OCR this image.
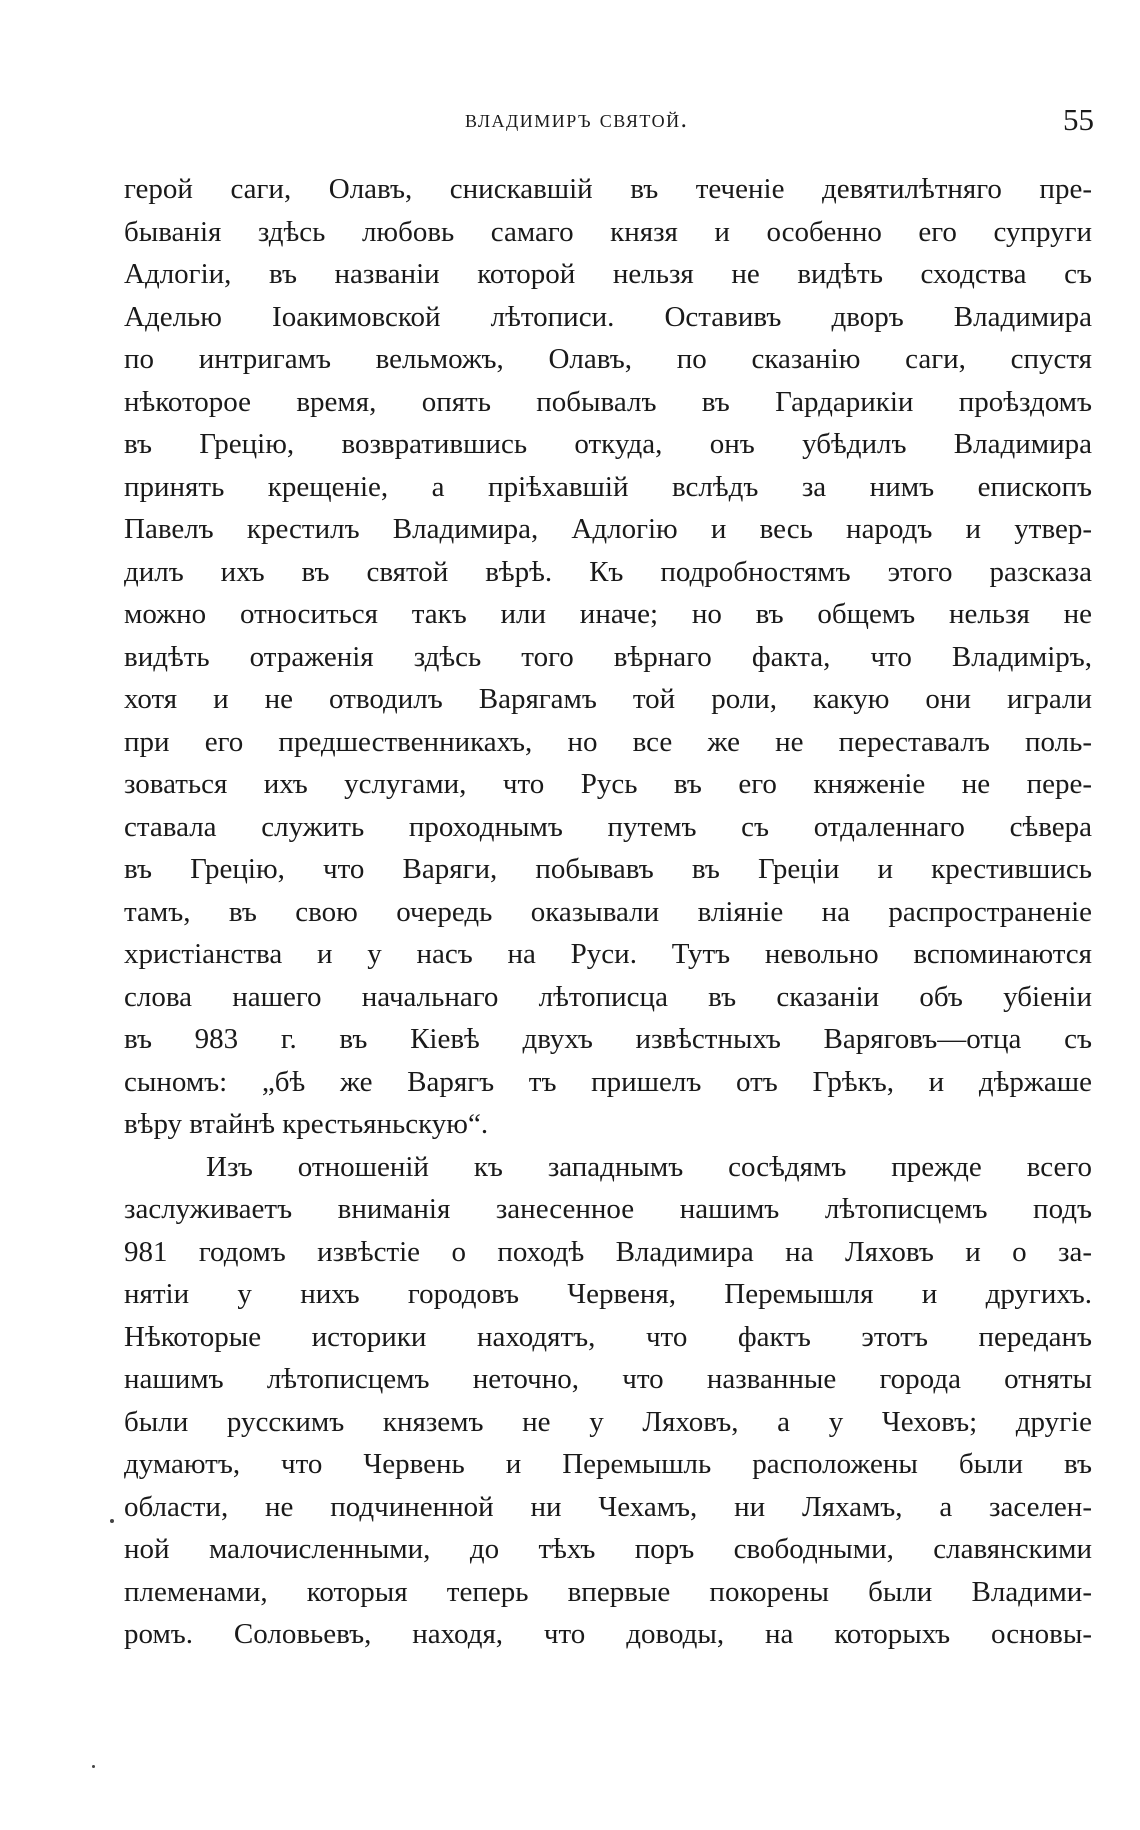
владимиръ святой.	55
герой саги, Олавъ, снискавшій въ теченіе девятилѣтняго пре-
быванія здѣсь любовь самаго князя и особенно его супруги
Адлогіи, въ названіи которой нельзя не видѣть сходства съ
Аделью Іоакимовской лѣтописи. Оставивъ дворъ Владимира
по интригамъ вельможъ, Олавъ, по сказанію саги, спустя
нѣкоторое время, опять побывалъ въ Гардарикіи проѣздомъ
въ Грецію, возвратившись откуда, онъ убѣдилъ Владимира
принять крещеніе, а пріѣхавшій вслѣдъ за нимъ епископъ
Павелъ крестилъ Владимира, Адлогію и весь народъ и утвер-
дилъ ихъ въ святой вѣрѣ. Къ подробностямъ этого разсказа
можно относиться такъ или иначе; но въ общемъ нельзя не
видѣть отраженія здѣсь того вѣрнаго факта, что Владиміръ,
хотя и не отводилъ Варягамъ той роли, какую они играли
при его предшественникахъ, но все же не переставалъ поль-
зоваться ихъ услугами, что Русь въ его княженіе не пере-
ставала служить проходнымъ путемъ съ отдаленнаго сѣвера
въ Грецію, что Варяги, побывавъ въ Греціи и крестившись
тамъ, въ свою очередь оказывали вліяніе на распространеніе
христіанства и у насъ на Руси. Тутъ невольно вспоминаются
слова нашего начальнаго лѣтописца въ сказаніи объ убіеніи
въ 983 г. въ Кіевѣ двухъ извѣстныхъ Варяговъ—отца съ
сыномъ: „бѣ же Варягъ тъ пришелъ отъ Грѣкъ, и дѣржаше
вѣру втайнѣ крестьяньскую“.
Изъ отношеній къ западнымъ сосѣдямъ прежде всего
заслуживаетъ вниманія занесенное нашимъ лѣтописцемъ подъ
981 годомъ извѣстіе о походѣ Владимира на Ляховъ и о за-
нятіи у нихъ городовъ Червеня, Перемышля и другихъ.
Нѣкоторые историки находятъ, что фактъ этотъ переданъ
нашимъ лѣтописцемъ неточно, что названные города отняты
были русскимъ княземъ не у Ляховъ, а у Чеховъ; другіе
думаютъ, что Червень и Перемышль расположены были въ
области, не подчиненной ни Чехамъ, ни Ляхамъ, а заселен-
ной малочисленными, до тѣхъ поръ свободными, славянскими
племенами, которыя теперь впервые покорены были Владими-
ромъ. Соловьевъ, находя, что доводы, на которыхъ основы-
